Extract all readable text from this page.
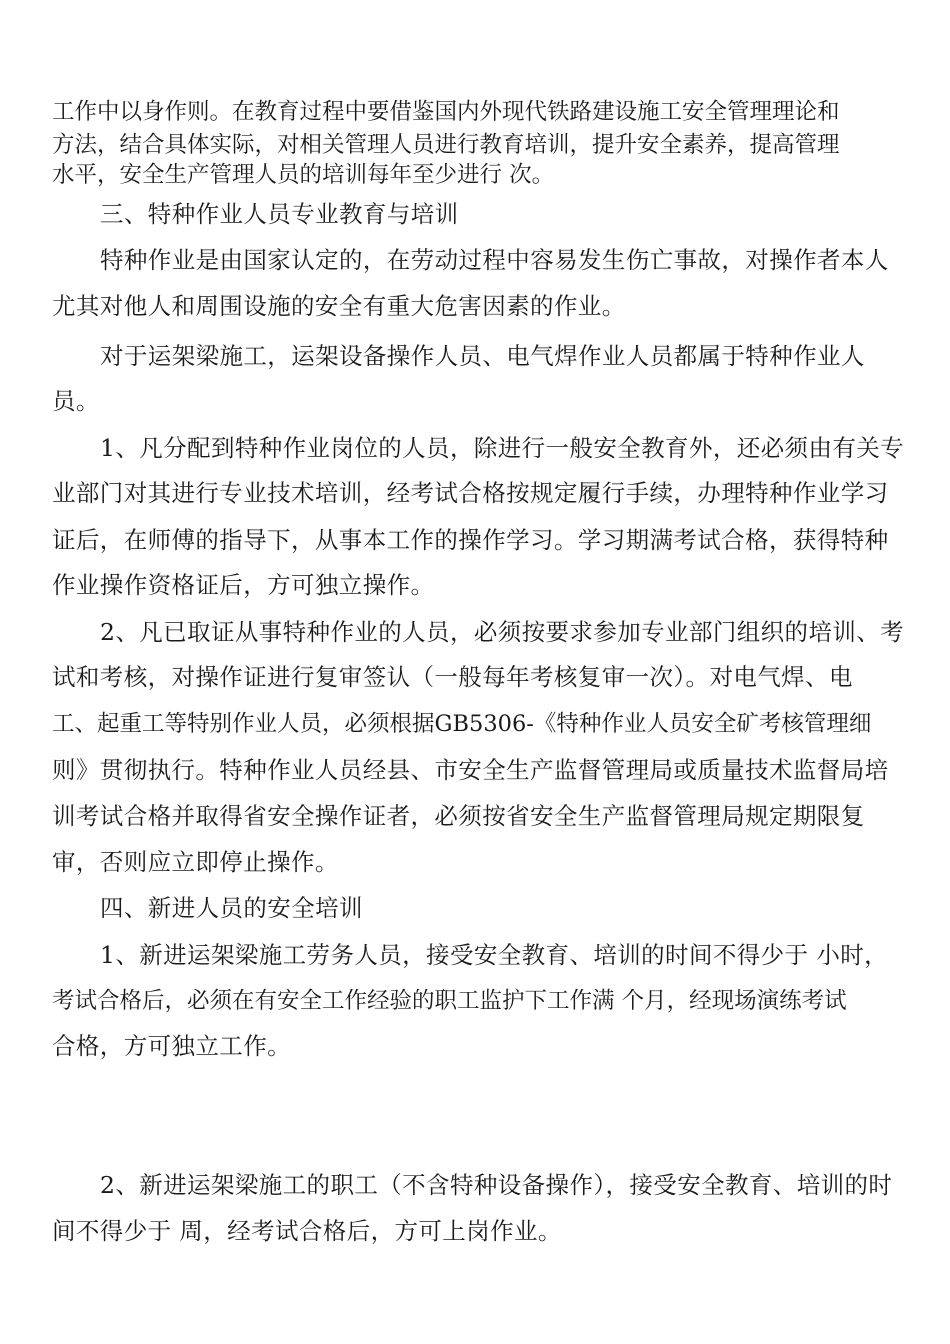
工作中以身作则。在教育过程中要借鉴国内外现代铁路建设施工安全管理理论和
方法，结合具体实际，对相关管理人员进行教育培训，提升安全素养，提高管理
水平，安全生产管理人员的培训每年至少进行 次。
三、特种作业人员专业教育与培训
特种作业是由国家认定的，在劳动过程中容易发生伤亡事故，对操作者本人
尤其对他人和周围设施的安全有重大危害因素的作业。
对于运架梁施工，运架设备操作人员、电气焊作业人员都属于特种作业人
员。
1、凡分配到特种作业岗位的人员，除进行一般安全教育外，还必须由有关专
业部门对其进行专业技术培训，经考试合格按规定履行手续，办理特种作业学习
证后，在师傅的指导下，从事本工作的操作学习。学习期满考试合格，获得特种
作业操作资格证后，方可独立操作。
2、凡已取证从事特种作业的人员，必须按要求参加专业部门组织的培训、考
试和考核，对操作证进行复审签认（一般每年考核复审一次）。对电气焊、电
工、起重工等特别作业人员，必须根据GB5306-《特种作业人员安全矿考核管理细
则》贯彻执行。特种作业人员经县、市安全生产监督管理局或质量技术监督局培
训考试合格并取得省安全操作证者，必须按省安全生产监督管理局规定期限复
审，否则应立即停止操作。
四、新进人员的安全培训
1、新进运架梁施工劳务人员，接受安全教育、培训的时间不得少于 小时，
考试合格后，必须在有安全工作经验的职工监护下工作满 个月，经现场演练考试
合格，方可独立工作。
2、新进运架梁施工的职工（不含特种设备操作），接受安全教育、培训的时
间不得少于 周，经考试合格后，方可上岗作业。
